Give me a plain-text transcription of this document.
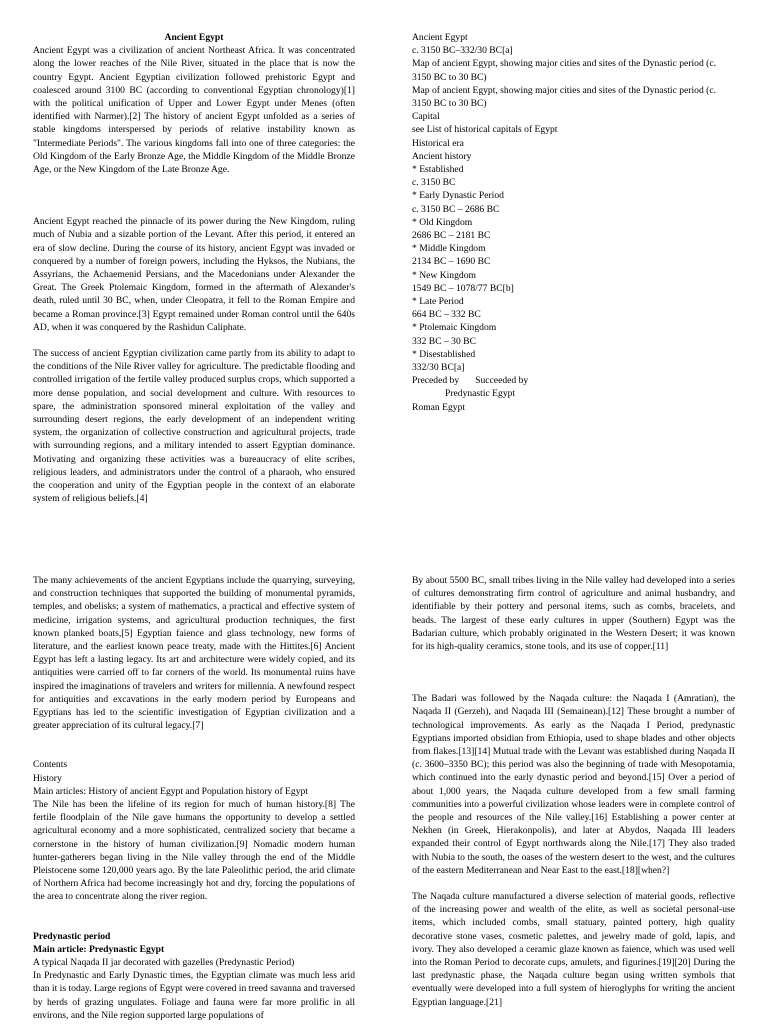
Ancient Egypt

Ancient Egypt was a civilization of ancient Northeast Africa. It was concentrated along the lower reaches of the Nile River, situated in the place that is now the country Egypt. Ancient Egyptian civilization followed prehistoric Egypt and coalesced around 3100 BC (according to conventional Egyptian chronology)[1] with the political unification of Upper and Lower Egypt under Menes (often identified with Narmer).[2] The history of ancient Egypt unfolded as a series of stable kingdoms interspersed by periods of relative instability known as "Intermediate Periods". The various kingdoms fall into one of three categories: the Old Kingdom of the Early Bronze Age, the Middle Kingdom of the Middle Bronze Age, or the New Kingdom of the Late Bronze Age.

Ancient Egypt reached the pinnacle of its power during the New Kingdom, ruling much of Nubia and a sizable portion of the Levant. After this period, it entered an era of slow decline. During the course of its history, ancient Egypt was invaded or conquered by a number of foreign powers, including the Hyksos, the Nubians, the Assyrians, the Achaemenid Persians, and the Macedonians under Alexander the Great. The Greek Ptolemaic Kingdom, formed in the aftermath of Alexander's death, ruled until 30 BC, when, under Cleopatra, it fell to the Roman Empire and became a Roman province.[3] Egypt remained under Roman control until the 640s AD, when it was conquered by the Rashidun Caliphate.

The success of ancient Egyptian civilization came partly from its ability to adapt to the conditions of the Nile River valley for agriculture. The predictable flooding and controlled irrigation of the fertile valley produced surplus crops, which supported a more dense population, and social development and culture. With resources to spare, the administration sponsored mineral exploitation of the valley and surrounding desert regions, the early development of an independent writing system, the organization of collective construction and agricultural projects, trade with surrounding regions, and a military intended to assert Egyptian dominance. Motivating and organizing these activities was a bureaucracy of elite scribes, religious leaders, and administrators under the control of a pharaoh, who ensured the cooperation and unity of the Egyptian people in the context of an elaborate system of religious beliefs.[4]

Ancient Egypt

c. 3150 BC–332/30 BC[a]

Map of ancient Egypt, showing major cities and sites of the Dynastic period (c. 3150 BC to 30 BC)

Map of ancient Egypt, showing major cities and sites of the Dynastic period (c. 3150 BC to 30 BC)

Capital

see List of historical capitals of Egypt

Historical era

Ancient history

* Established

c. 3150 BC

* Early Dynastic Period

c. 3150 BC – 2686 BC

* Old Kingdom

2686 BC – 2181 BC

* Middle Kingdom

2134 BC – 1690 BC

* New Kingdom

1549 BC – 1078/77 BC[b]

* Late Period

664 BC – 332 BC

* Ptolemaic Kingdom

332 BC – 30 BC

* Disestablished

332/30 BC[a]

Preceded by Succeeded by

Predynastic Egypt

Roman Egypt

The many achievements of the ancient Egyptians include the quarrying, surveying, and construction techniques that supported the building of monumental pyramids, temples, and obelisks; a system of mathematics, a practical and effective system of medicine, irrigation systems, and agricultural production techniques, the first known planked boats,[5] Egyptian faience and glass technology, new forms of literature, and the earliest known peace treaty, made with the Hittites.[6] Ancient Egypt has left a lasting legacy. Its art and architecture were widely copied, and its antiquities were carried off to far corners of the world. Its monumental ruins have inspired the imaginations of travelers and writers for millennia. A newfound respect for antiquities and excavations in the early modern period by Europeans and Egyptians has led to the scientific investigation of Egyptian civilization and a greater appreciation of its cultural legacy.[7]

Contents

History

Main articles: History of ancient Egypt and Population history of Egypt

The Nile has been the lifeline of its region for much of human history.[8] The fertile floodplain of the Nile gave humans the opportunity to develop a settled agricultural economy and a more sophisticated, centralized society that became a cornerstone in the history of human civilization.[9] Nomadic modern human hunter-gatherers began living in the Nile valley through the end of the Middle Pleistocene some 120,000 years ago. By the late Paleolithic period, the arid climate of Northern Africa had become increasingly hot and dry, forcing the populations of the area to concentrate along the river region.

Predynastic period

Main article: Predynastic Egypt

A typical Naqada II jar decorated with gazelles (Predynastic Period)

In Predynastic and Early Dynastic times, the Egyptian climate was much less arid than it is today. Large regions of Egypt were covered in treed savanna and traversed by herds of grazing ungulates. Foliage and fauna were far more prolific in all environs, and the Nile region supported large populations of

By about 5500 BC, small tribes living in the Nile valley had developed into a series of cultures demonstrating firm control of agriculture and animal husbandry, and identifiable by their pottery and personal items, such as combs, bracelets, and beads. The largest of these early cultures in upper (Southern) Egypt was the Badarian culture, which probably originated in the Western Desert; it was known for its high-quality ceramics, stone tools, and its use of copper.[11]

The Badari was followed by the Naqada culture: the Naqada I (Amratian), the Naqada II (Gerzeh), and Naqada III (Semainean).[12] These brought a number of technological improvements. As early as the Naqada I Period, predynastic Egyptians imported obsidian from Ethiopia, used to shape blades and other objects from flakes.[13][14] Mutual trade with the Levant was established during Naqada II (c. 3600–3350 BC); this period was also the beginning of trade with Mesopotamia, which continued into the early dynastic period and beyond.[15] Over a period of about 1,000 years, the Naqada culture developed from a few small farming communities into a powerful civilization whose leaders were in complete control of the people and resources of the Nile valley.[16] Establishing a power center at Nekhen (in Greek, Hierakonpolis), and later at Abydos, Naqada III leaders expanded their control of Egypt northwards along the Nile.[17] They also traded with Nubia to the south, the oases of the western desert to the west, and the cultures of the eastern Mediterranean and Near East to the east.[18][when?]

The Naqada culture manufactured a diverse selection of material goods, reflective of the increasing power and wealth of the elite, as well as societal personal-use items, which included combs, small statuary, painted pottery, high quality decorative stone vases, cosmetic palettes, and jewelry made of gold, lapis, and ivory. They also developed a ceramic glaze known as faience, which was used well into the Roman Period to decorate cups, amulets, and figurines.[19][20] During the last predynastic phase, the Naqada culture began using written symbols that eventually were developed into a full system of hieroglyphs for writing the ancient Egyptian language.[21]
